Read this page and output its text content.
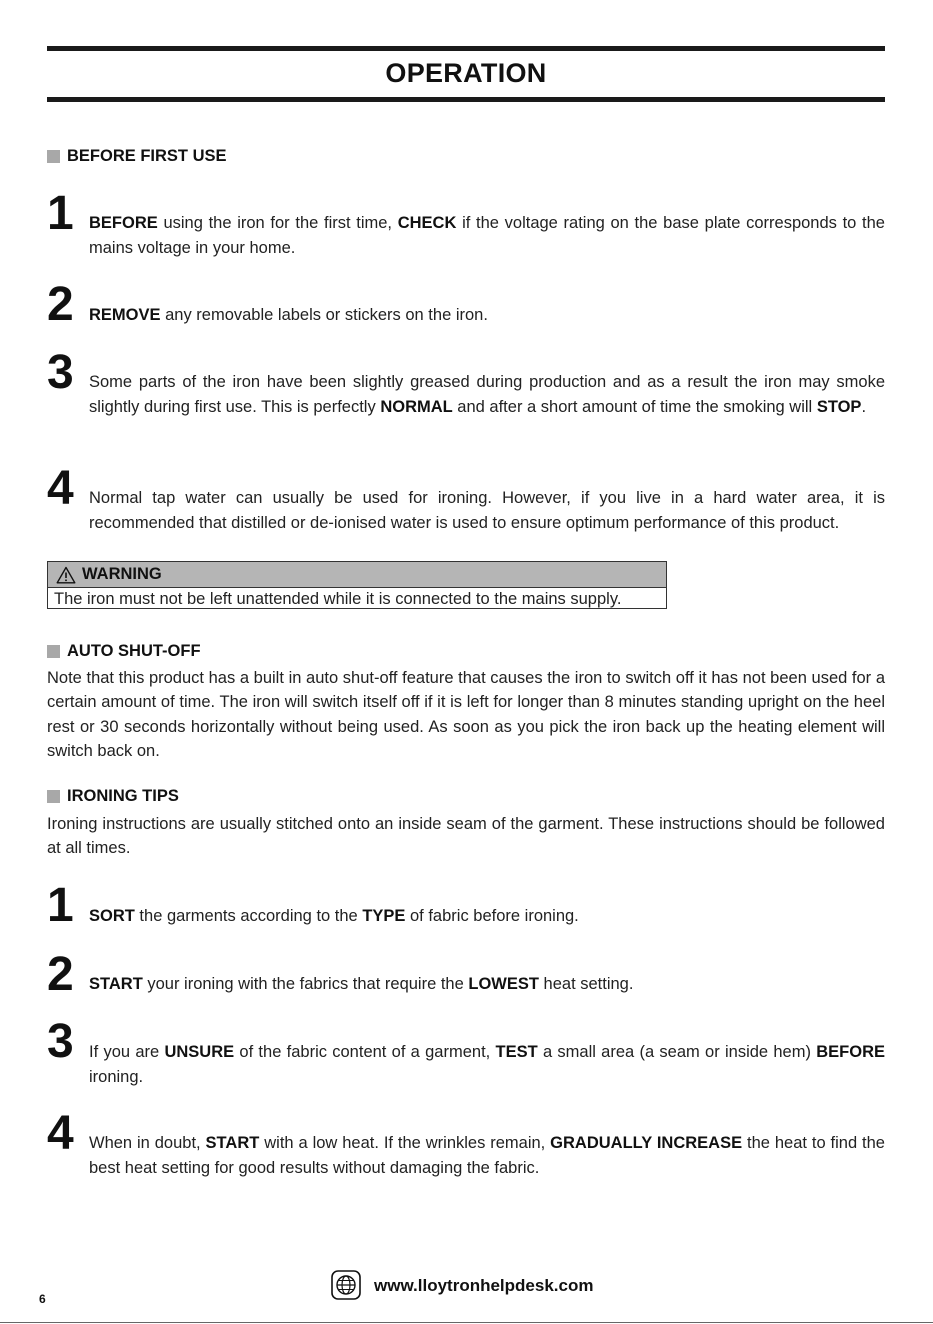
OPERATION
BEFORE FIRST USE
1 BEFORE using the iron for the first time, CHECK if the voltage rating on the base plate corresponds to the mains voltage in your home.
2 REMOVE any removable labels or stickers on the iron.
3 Some parts of the iron have been slightly greased during production and as a result the iron may smoke slightly during first use. This is perfectly NORMAL and after a short amount of time the smoking will STOP.
4 Normal tap water can usually be used for ironing. However, if you live in a hard water area, it is recommended that distilled or de-ionised water is used to ensure optimum performance of this product.
WARNING
The iron must not be left unattended while it is connected to the mains supply.
AUTO SHUT-OFF
Note that this product has a built in auto shut-off feature that causes the iron to switch off it has not been used for a certain amount of time. The iron will switch itself off if it is left for longer than 8 minutes standing upright on the heel rest or 30 seconds horizontally without being used. As soon as you pick the iron back up the heating element will switch back on.
IRONING TIPS
Ironing instructions are usually stitched onto an inside seam of the garment. These instructions should be followed at all times.
1 SORT the garments according to the TYPE of fabric before ironing.
2 START your ironing with the fabrics that require the LOWEST heat setting.
3 If you are UNSURE of the fabric content of a garment, TEST a small area (a seam or inside hem) BEFORE ironing.
4 When in doubt, START with a low heat. If the wrinkles remain, GRADUALLY INCREASE the heat to find the best heat setting for good results without damaging the fabric.
www.lloytronhelpdesk.com
6
